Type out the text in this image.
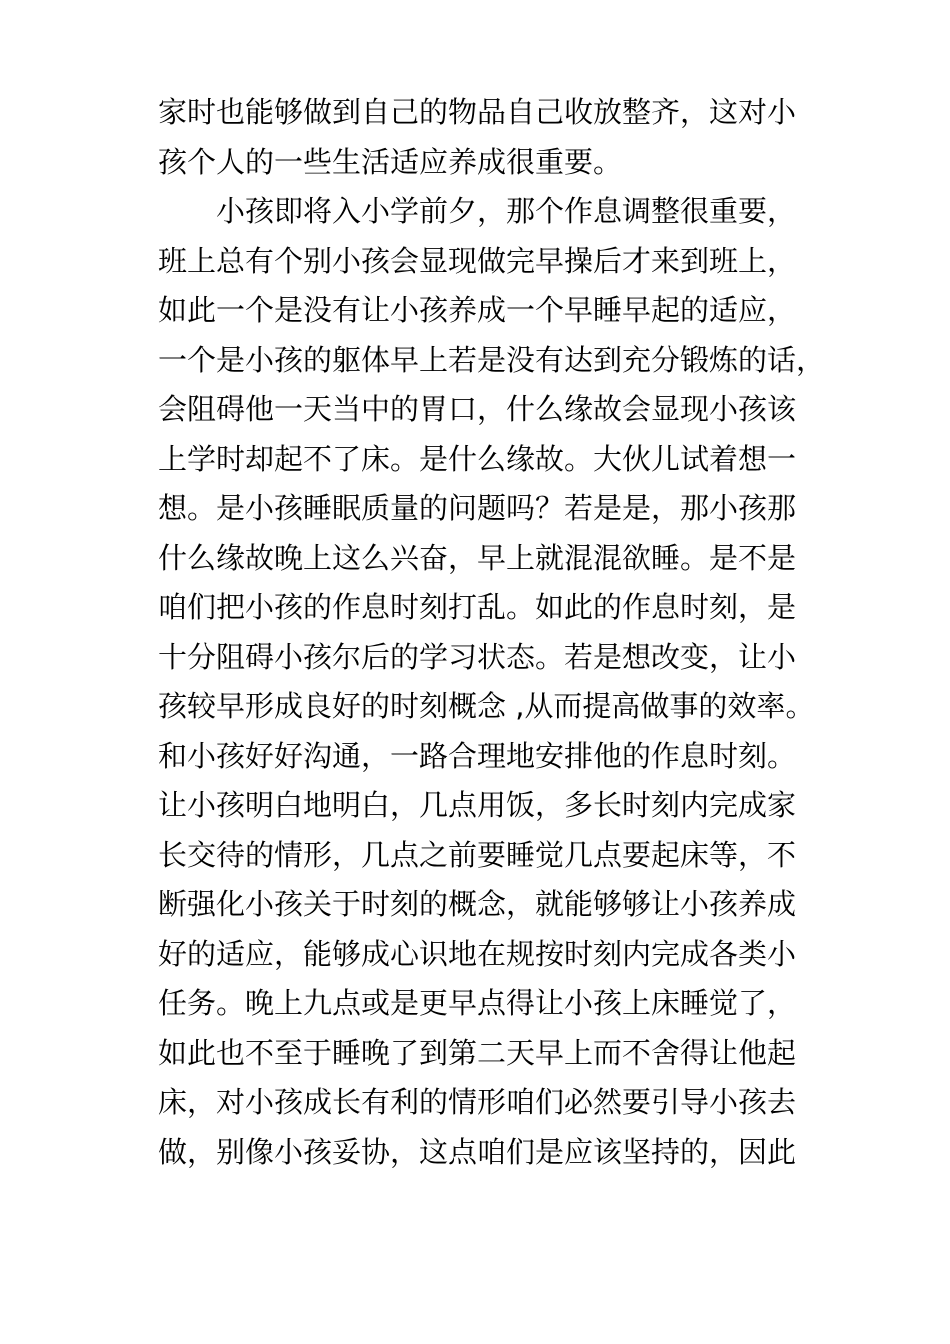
家时也能够做到自己的物品自己收放整齐，这对小
孩个人的一些生活适应养成很重要。
小孩即将入小学前夕，那个作息调整很重要，
班上总有个别小孩会显现做完早操后才来到班上，
如此一个是没有让小孩养成一个早睡早起的适应，
一个是小孩的躯体早上若是没有达到充分锻炼的话，
会阻碍他一天当中的胃口，什么缘故会显现小孩该
上学时却起不了床。是什么缘故。大伙儿试着想一
想。是小孩睡眠质量的问题吗？若是是，那小孩那
什么缘故晚上这么兴奋，早上就混混欲睡。是不是
咱们把小孩的作息时刻打乱。如此的作息时刻，是
十分阻碍小孩尔后的学习状态。若是想改变，让小
孩较早形成良好的时刻概念 ,从而提高做事的效率。
和小孩好好沟通，一路合理地安排他的作息时刻。
让小孩明白地明白，几点用饭，多长时刻内完成家
长交待的情形，几点之前要睡觉几点要起床等，不
断强化小孩关于时刻的概念，就能够够让小孩养成
好的适应，能够成心识地在规按时刻内完成各类小
任务。晚上九点或是更早点得让小孩上床睡觉了，
如此也不至于睡晚了到第二天早上而不舍得让他起
床，对小孩成长有利的情形咱们必然要引导小孩去
做，别像小孩妥协，这点咱们是应该坚持的，因此
